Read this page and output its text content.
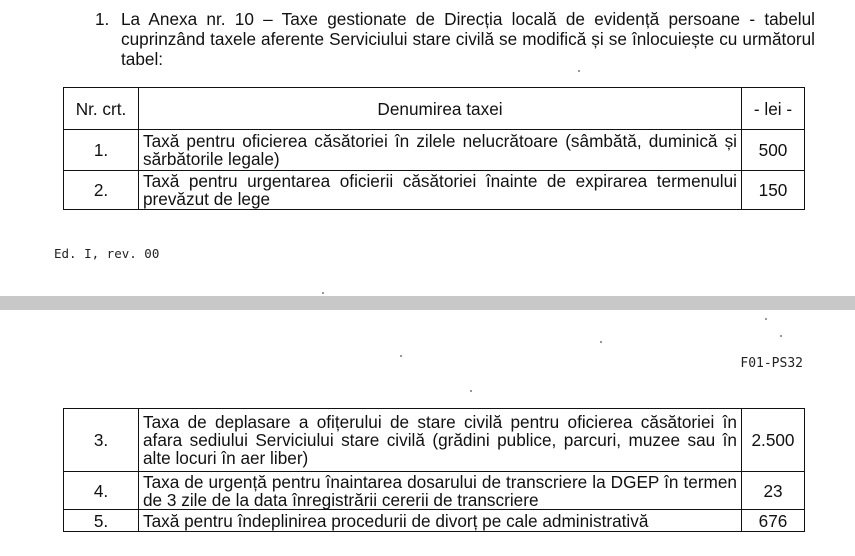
1. La Anexa nr. 10 – Taxe gestionate de Direcția locală de evidență persoane - tabelul cuprinzând taxele aferente Serviciului stare civilă se modifică și se înlocuiește cu următorul tabel:
Nr. crt.	Denumirea taxei	- lei -
1.	Taxă pentru oficierea căsătoriei în zilele nelucrătoare (sâmbătă, duminică și sărbătorile legale)	500
2.	Taxă pentru urgentarea oficierii căsătoriei înainte de expirarea termenului prevăzut de lege	150
Ed. I, rev. 00
F01-PS32
3.	Taxa de deplasare a ofițerului de stare civilă pentru oficierea căsătoriei în afara sediului Serviciului stare civilă (grădini publice, parcuri, muzee sau în alte locuri în aer liber)	2.500
4.	Taxa de urgență pentru înaintarea dosarului de transcriere la DGEP în termen de 3 zile de la data înregistrării cererii de transcriere	23
5.	Taxă pentru îndeplinirea procedurii de divorț pe cale administrativă	676
